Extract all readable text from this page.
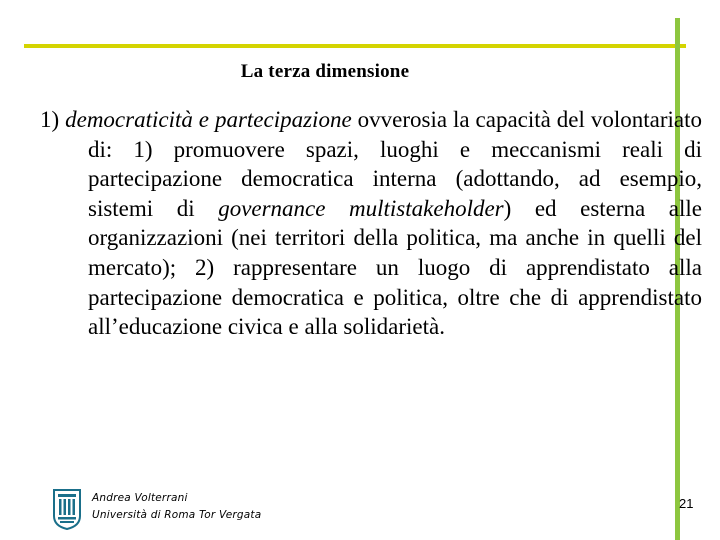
La terza dimensione

1) democraticità e partecipazione ovverosia la capacità del volontariato di: 1) promuovere spazi, luoghi e meccanismi reali di partecipazione democratica interna (adottando, ad esempio, sistemi di governance multistakeholder) ed esterna alle organizzazioni (nei territori della politica, ma anche in quelli del mercato); 2) rappresentare un luogo di apprendistato alla partecipazione democratica e politica, oltre che di apprendistato all’educazione civica e alla solidarietà.

Andrea Volterrani
Università di Roma Tor Vergata
21
